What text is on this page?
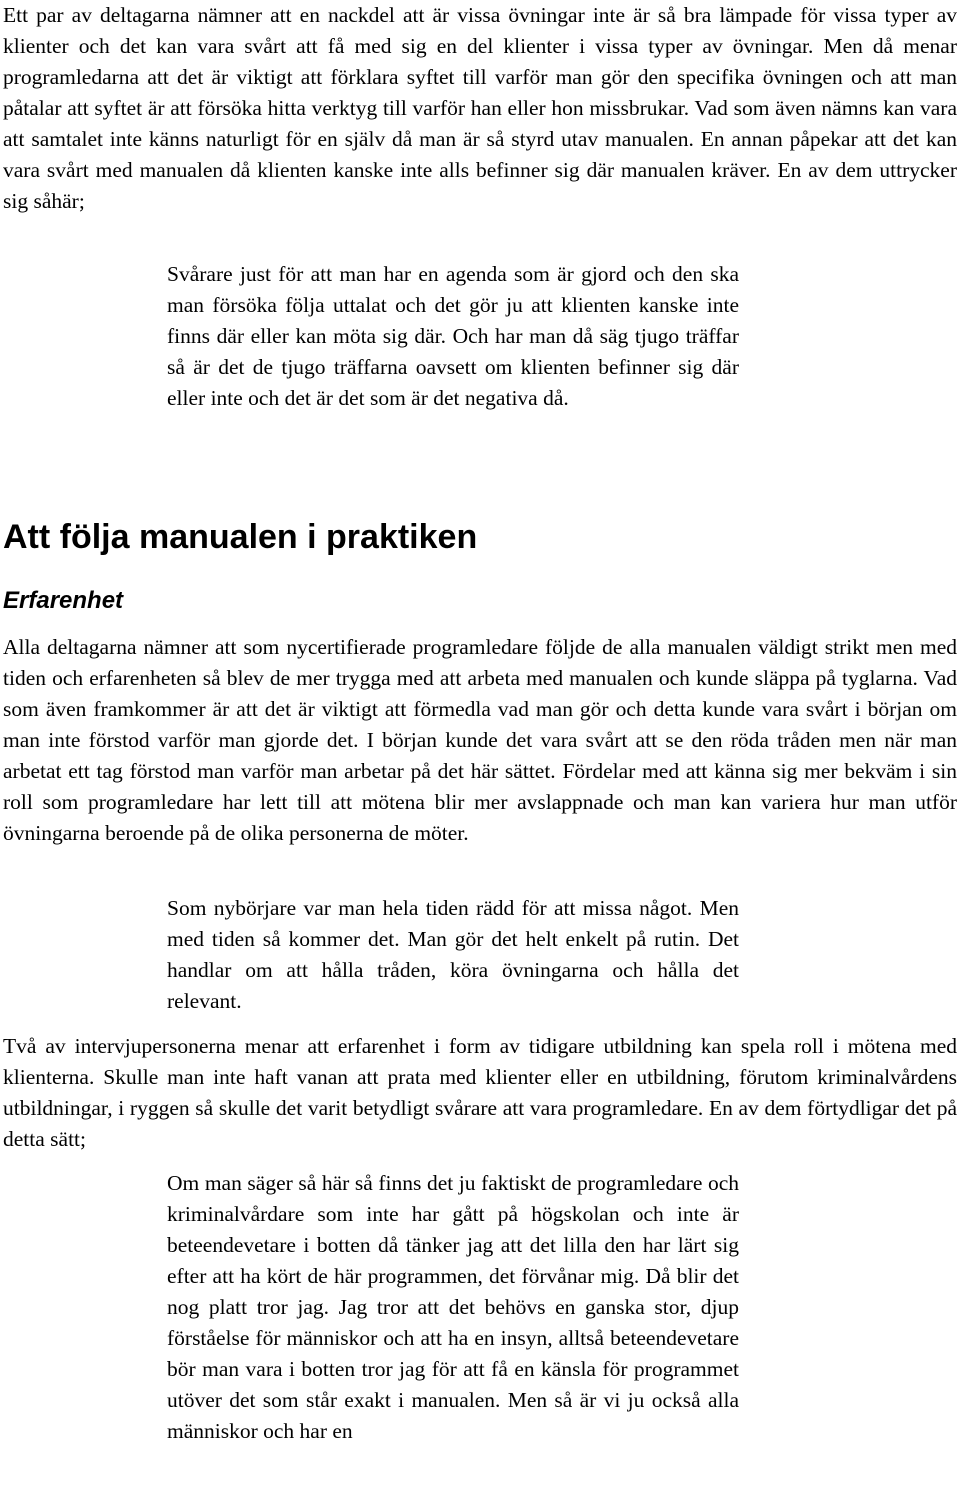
Ett par av deltagarna nämner att en nackdel att är vissa övningar inte är så bra lämpade för vissa typer av klienter och det kan vara svårt att få med sig en del klienter i vissa typer av övningar. Men då menar programledarna att det är viktigt att förklara syftet till varför man gör den specifika övningen och att man påtalar att syftet är att försöka hitta verktyg till varför han eller hon missbrukar. Vad som även nämns kan vara att samtalet inte känns naturligt för en själv då man är så styrd utav manualen. En annan påpekar att det kan vara svårt med manualen då klienten kanske inte alls befinner sig där manualen kräver. En av dem uttrycker sig såhär;

Svårare just för att man har en agenda som är gjord och den ska man försöka följa uttalat och det gör ju att klienten kanske inte finns där eller kan möta sig där. Och har man då säg tjugo träffar så är det de tjugo träffarna oavsett om klienten befinner sig där eller inte och det är det som är det negativa då.

Att följa manualen i praktiken
Erfarenhet

Alla deltagarna nämner att som nycertifierade programledare följde de alla manualen väldigt strikt men med tiden och erfarenheten så blev de mer trygga med att arbeta med manualen och kunde släppa på tyglarna. Vad som även framkommer är att det är viktigt att förmedla vad man gör och detta kunde vara svårt i början om man inte förstod varför man gjorde det. I början kunde det vara svårt att se den röda tråden men när man arbetat ett tag förstod man varför man arbetar på det här sättet. Fördelar med att känna sig mer bekväm i sin roll som programledare har lett till att mötena blir mer avslappnade och man kan variera hur man utför övningarna beroende på de olika personerna de möter.

Som nybörjare var man hela tiden rädd för att missa något. Men med tiden så kommer det. Man gör det helt enkelt på rutin. Det handlar om att hålla tråden, köra övningarna och hålla det relevant.

Två av intervjupersonerna menar att erfarenhet i form av tidigare utbildning kan spela roll i mötena med klienterna. Skulle man inte haft vanan att prata med klienter eller en utbildning, förutom kriminalvårdens utbildningar, i ryggen så skulle det varit betydligt svårare att vara programledare. En av dem förtydligar det på detta sätt;

Om man säger så här så finns det ju faktiskt de programledare och kriminalvårdare som inte har gått på högskolan och inte är beteendevetare i botten då tänker jag att det lilla den har lärt sig efter att ha kört de här programmen, det förvånar mig. Då blir det nog platt tror jag. Jag tror att det behövs en ganska stor, djup förståelse för människor och att ha en insyn, alltså beteendevetare bör man vara i botten tror jag för att få en känsla för programmet utöver det som står exakt i manualen. Men så är vi ju också alla människor och har en
